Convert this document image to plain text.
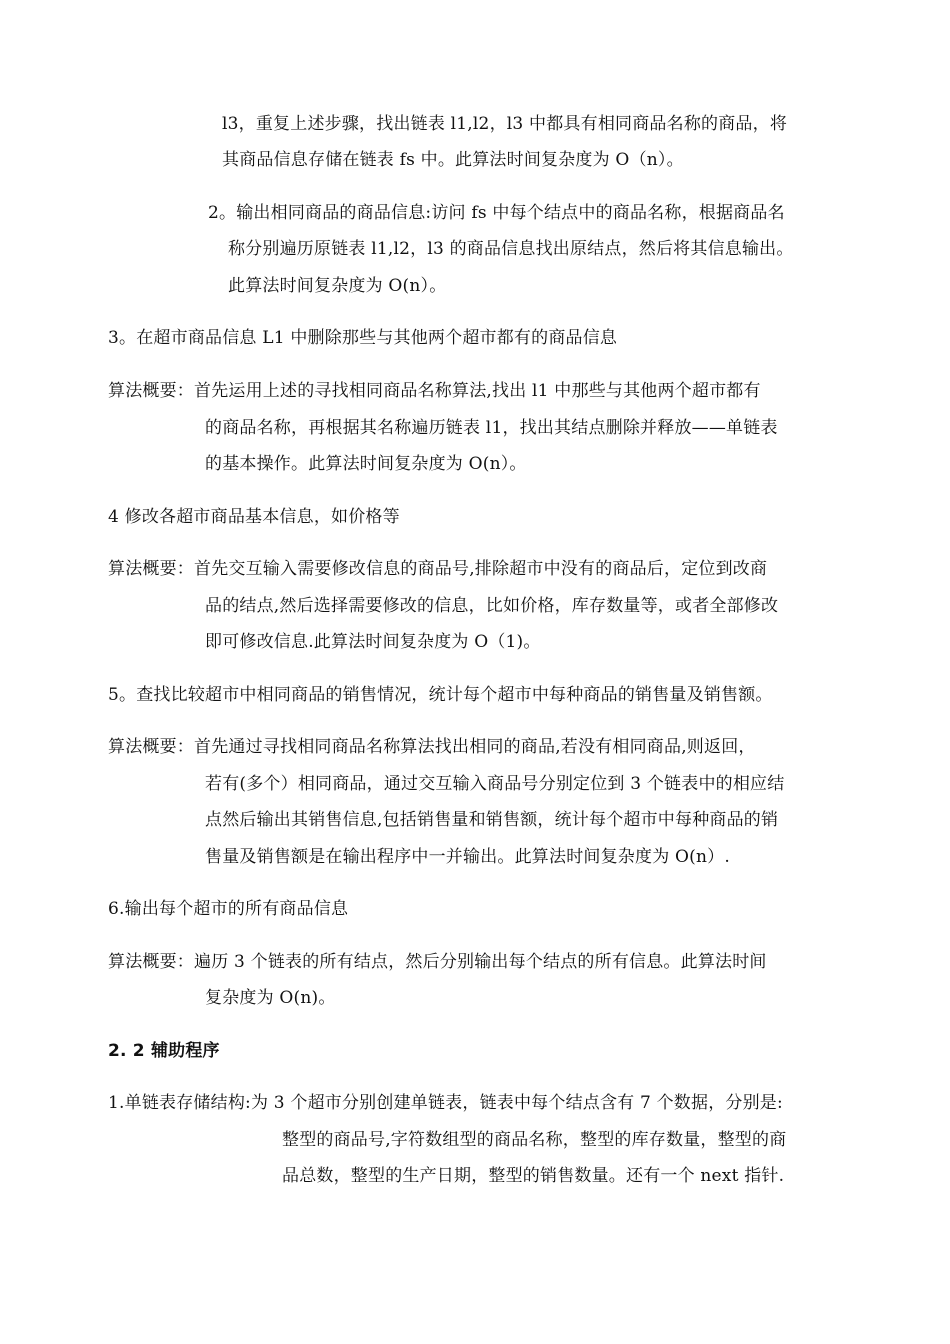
l3，重复上述步骤，找出链表 l1,l2，l3 中都具有相同商品名称的商品，将
其商品信息存储在链表 fs 中。此算法时间复杂度为 O（n）。
2。输出相同商品的商品信息:访问 fs 中每个结点中的商品名称，根据商品名
称分别遍历原链表 l1,l2，l3 的商品信息找出原结点，然后将其信息输出。
此算法时间复杂度为 O(n）。
3。在超市商品信息 L1 中删除那些与其他两个超市都有的商品信息
算法概要：首先运用上述的寻找相同商品名称算法,找出 l1 中那些与其他两个超市都有
的商品名称，再根据其名称遍历链表 l1，找出其结点删除并释放——单链表
的基本操作。此算法时间复杂度为 O(n）。
4 修改各超市商品基本信息，如价格等
算法概要：首先交互输入需要修改信息的商品号,排除超市中没有的商品后，定位到改商
品的结点,然后选择需要修改的信息，比如价格，库存数量等，或者全部修改
即可修改信息.此算法时间复杂度为 O（1)。
5。查找比较超市中相同商品的销售情况，统计每个超市中每种商品的销售量及销售额。
算法概要：首先通过寻找相同商品名称算法找出相同的商品,若没有相同商品,则返回，
若有(多个）相同商品，通过交互输入商品号分别定位到 3 个链表中的相应结
点然后输出其销售信息,包括销售量和销售额，统计每个超市中每种商品的销
售量及销售额是在输出程序中一并输出。此算法时间复杂度为 O(n）.
6.输出每个超市的所有商品信息
算法概要：遍历 3 个链表的所有结点，然后分别输出每个结点的所有信息。此算法时间
复杂度为 O(n)。
2. 2 辅助程序
1.单链表存储结构:为 3 个超市分别创建单链表，链表中每个结点含有 7 个数据，分别是:
整型的商品号,字符数组型的商品名称，整型的库存数量，整型的商
品总数，整型的生产日期，整型的销售数量。还有一个 next 指针.
